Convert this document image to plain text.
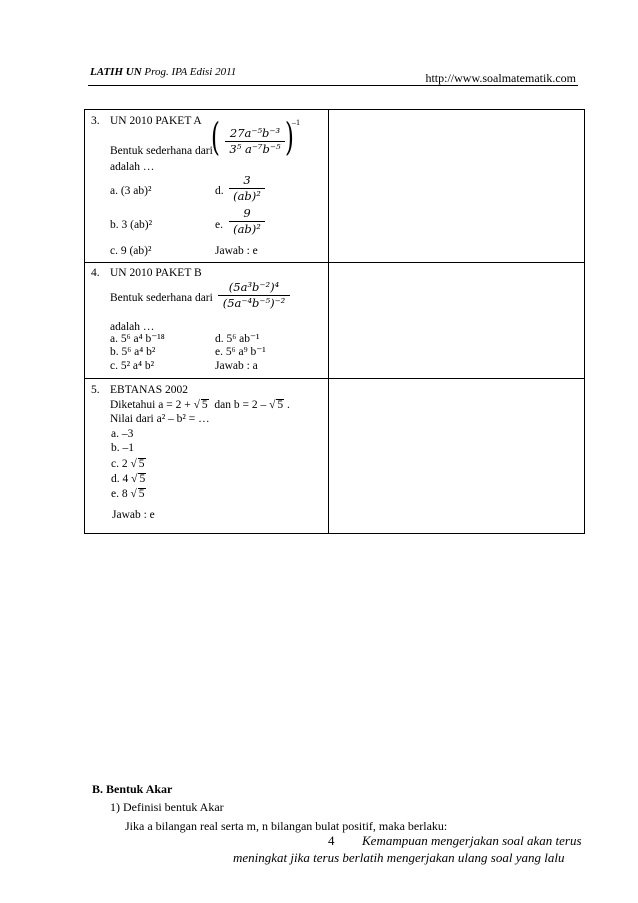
LATIH UN Prog. IPA Edisi 2011	http://www.soalmatematik.com
3. UN 2010 PAKET A
Bentuk sederhana dari
( 27a⁻⁵b⁻³
3⁵ a⁻⁷b⁻⁵ )
–1
adalah …
a. (3 ab)²	d.
3
(ab)²
b. 3 (ab)²	e.
9
(ab)²
c. 9 (ab)²	Jawab : e
4. UN 2010 PAKET B
Bentuk sederhana dari
(5a³b⁻²)⁴
(5a⁻⁴b⁻⁵)⁻²
adalah …
a. 5⁶ a⁴ b⁻¹⁸	d. 5⁶ ab⁻¹
b. 5⁶ a⁴ b²	e. 5⁶ a⁹ b⁻¹
c. 5² a⁴ b²	Jawab : a
5. EBTANAS 2002
Diketahui a = 2 + √ 5 dan b = 2 – √ 5 .
Nilai dari a² – b² = …
a. –3
b. –1
c. 2 √ 5
d. 4 √ 5
e. 8 √ 5
Jawab : e
B. Bentuk Akar
1) Definisi bentuk Akar
Jika a bilangan real serta m, n bilangan bulat positif, maka berlaku:
4 Kemampuan mengerjakan soal akan terus
meningkat jika terus berlatih mengerjakan ulang soal yang lalu
